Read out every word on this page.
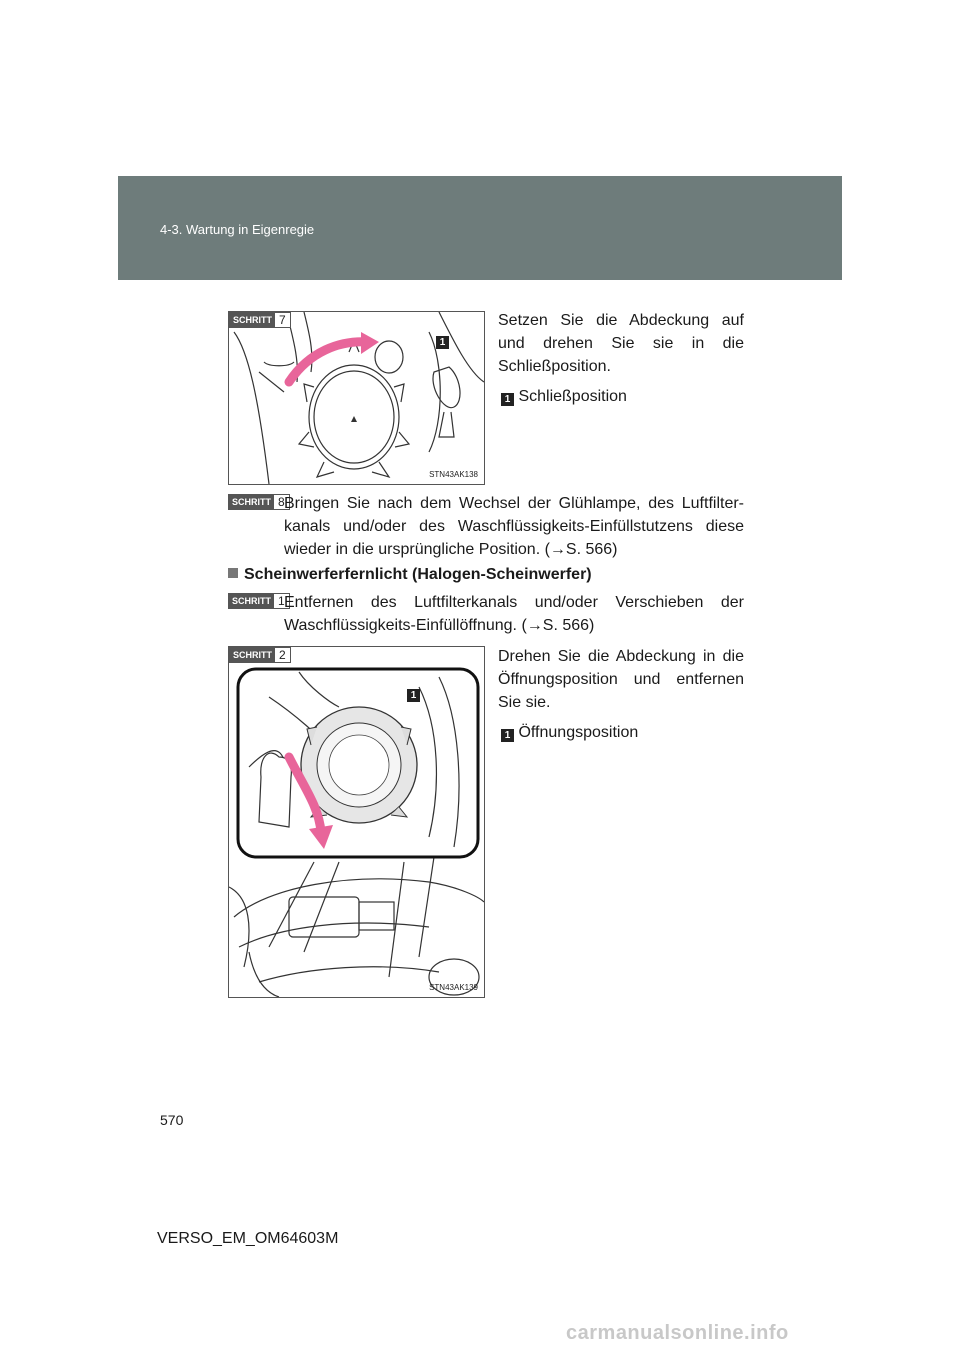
4-3. Wartung in Eigenregie
SCHRITT 7
1
STN43AK138
Setzen Sie die Abdeckung auf
und drehen Sie sie in die
Schließposition.
1 Schließposition
SCHRITT 8 Bringen Sie nach dem Wechsel der Glühlampe, des Luftfilter-kanals und/oder des Waschflüssigkeits-Einfüllstutzens diese wieder in die ursprüngliche Position. (→S. 566)
Scheinwerferfernlicht (Halogen-Scheinwerfer)
SCHRITT 1 Entfernen des Luftfilterkanals und/oder Verschieben der Waschflüssigkeits-Einfüllöffnung. (→S. 566)
SCHRITT 2
1
STN43AK139
Drehen Sie die Abdeckung in die
Öffnungsposition und entfernen
Sie sie.
1 Öffnungsposition
570
VERSO_EM_OM64603M
carmanualsonline.info
